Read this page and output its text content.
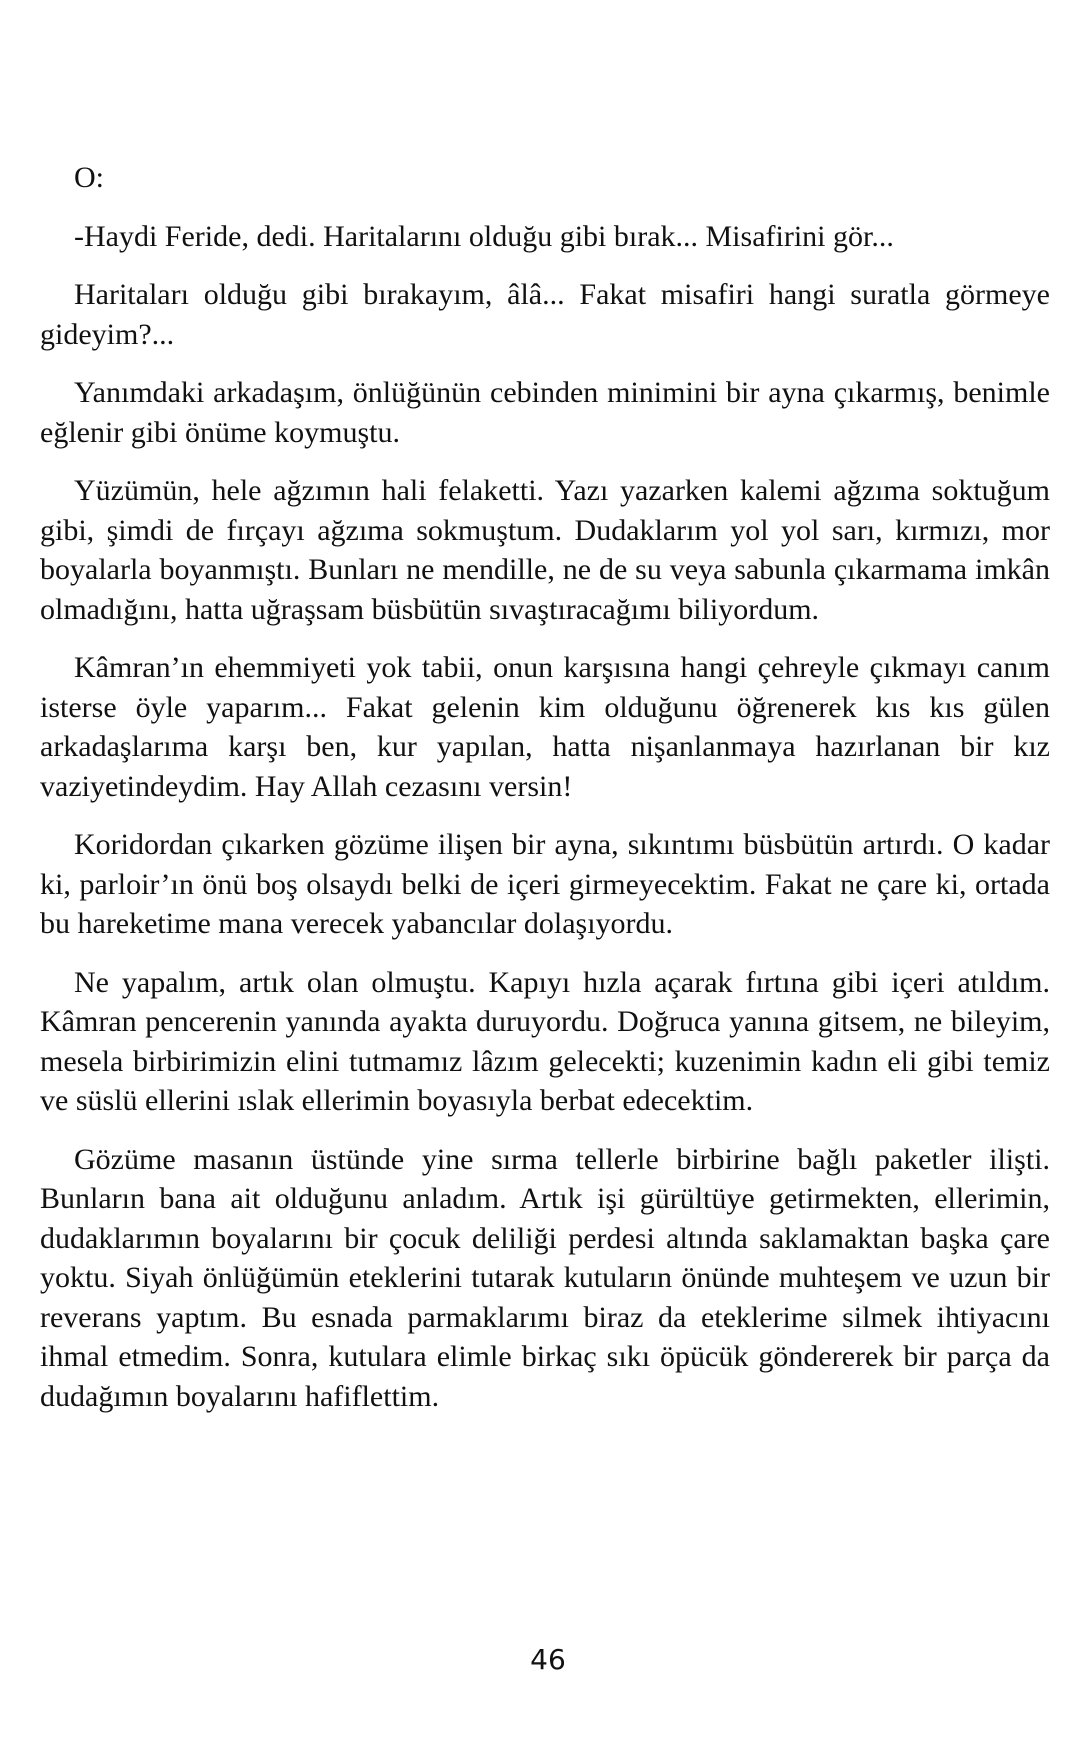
O:

-Haydi Feride, dedi. Haritalarını olduğu gibi bırak... Misafirini gör...

Haritaları olduğu gibi bırakayım, âlâ... Fakat misafiri hangi suratla görmeye gideyim?...

Yanımdaki arkadaşım, önlüğünün cebinden minimini bir ayna çıkarmış, benimle eğlenir gibi önüme koymuştu.

Yüzümün, hele ağzımın hali felaketti. Yazı yazarken kalemi ağzıma soktuğum gibi, şimdi de fırçayı ağzıma sokmuştum. Dudaklarım yol yol sarı, kırmızı, mor boyalarla boyanmıştı. Bunları ne mendille, ne de su veya sabunla çıkarmama imkân olmadığını, hatta uğraşsam büsbütün sıvaştıracağımı biliyordum.

Kâmran’ın ehemmiyeti yok tabii, onun karşısına hangi çehreyle çıkmayı canım isterse öyle yaparım... Fakat gelenin kim olduğunu öğrenerek kıs kıs gülen arkadaşlarıma karşı ben, kur yapılan, hatta nişanlanmaya hazırlanan bir kız vaziyetindeydim. Hay Allah cezasını versin!

Koridordan çıkarken gözüme ilişen bir ayna, sıkıntımı büsbütün artırdı. O kadar ki, parloir’ın önü boş olsaydı belki de içeri girmeyecektim. Fakat ne çare ki, ortada bu hareketime mana verecek yabancılar dolaşıyordu.

Ne yapalım, artık olan olmuştu. Kapıyı hızla açarak fırtına gibi içeri atıldım. Kâmran pencerenin yanında ayakta duruyordu. Doğruca yanına gitsem, ne bileyim, mesela birbirimizin elini tutmamız lâzım gelecekti; kuzenimin kadın eli gibi temiz ve süslü ellerini ıslak ellerimin boyasıyla berbat edecektim.

Gözüme masanın üstünde yine sırma tellerle birbirine bağlı paketler ilişti. Bunların bana ait olduğunu anladım. Artık işi gürültüye getirmekten, ellerimin, dudaklarımın boyalarını bir çocuk deliliği perdesi altında saklamaktan başka çare yoktu. Siyah önlüğümün eteklerini tutarak kutuların önünde muhteşem ve uzun bir reverans yaptım. Bu esnada parmaklarımı biraz da eteklerime silmek ihtiyacını ihmal etmedim. Sonra, kutulara elimle birkaç sıkı öpücük göndererek bir parça da dudağımın boyalarını hafiflettim.

46
